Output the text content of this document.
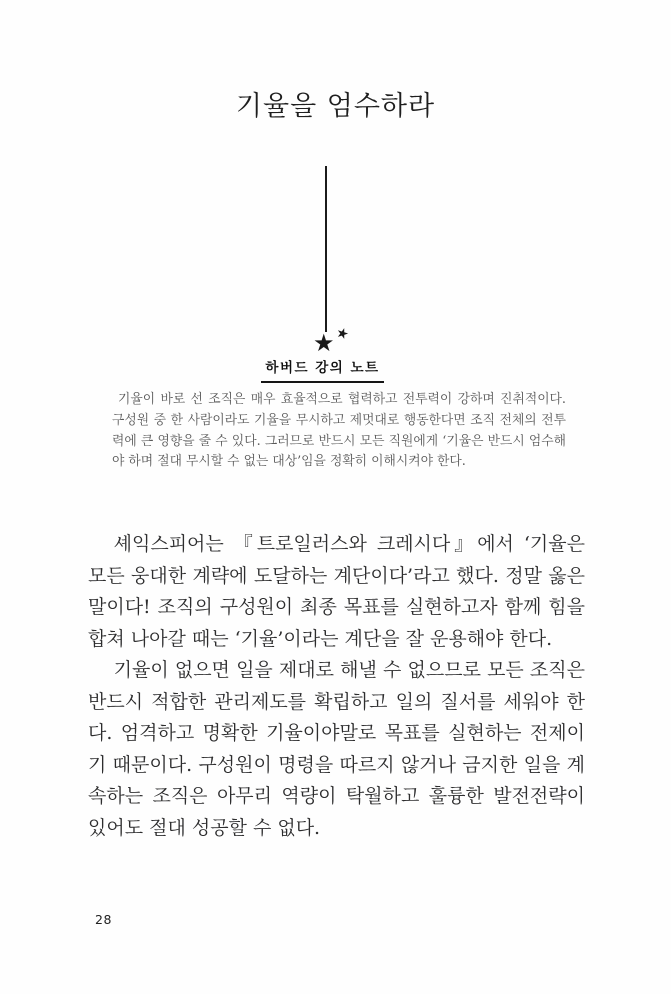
기율을 엄수하라
★ ★
하버드 강의 노트
기율이 바로 선 조직은 매우 효율적으로 협력하고 전투력이 강하며 진취적이다. 구성원 중 한 사람이라도 기율을 무시하고 제멋대로 행동한다면 조직 전체의 전투력에 큰 영향을 줄 수 있다. 그러므로 반드시 모든 직원에게 ‘기율은 반드시 엄수해야 하며 절대 무시할 수 없는 대상’임을 정확히 이해시켜야 한다.

셰익스피어는 『트로일러스와 크레시다』에서 ‘기율은 모든 웅대한 계략에 도달하는 계단이다’라고 했다. 정말 옳은 말이다! 조직의 구성원이 최종 목표를 실현하고자 함께 힘을 합쳐 나아갈 때는 ‘기율’이라는 계단을 잘 운용해야 한다.

기율이 없으면 일을 제대로 해낼 수 없으므로 모든 조직은 반드시 적합한 관리제도를 확립하고 일의 질서를 세워야 한다. 엄격하고 명확한 기율이야말로 목표를 실현하는 전제이기 때문이다. 구성원이 명령을 따르지 않거나 금지한 일을 계속하는 조직은 아무리 역량이 탁월하고 훌륭한 발전전략이 있어도 절대 성공할 수 없다.

28
